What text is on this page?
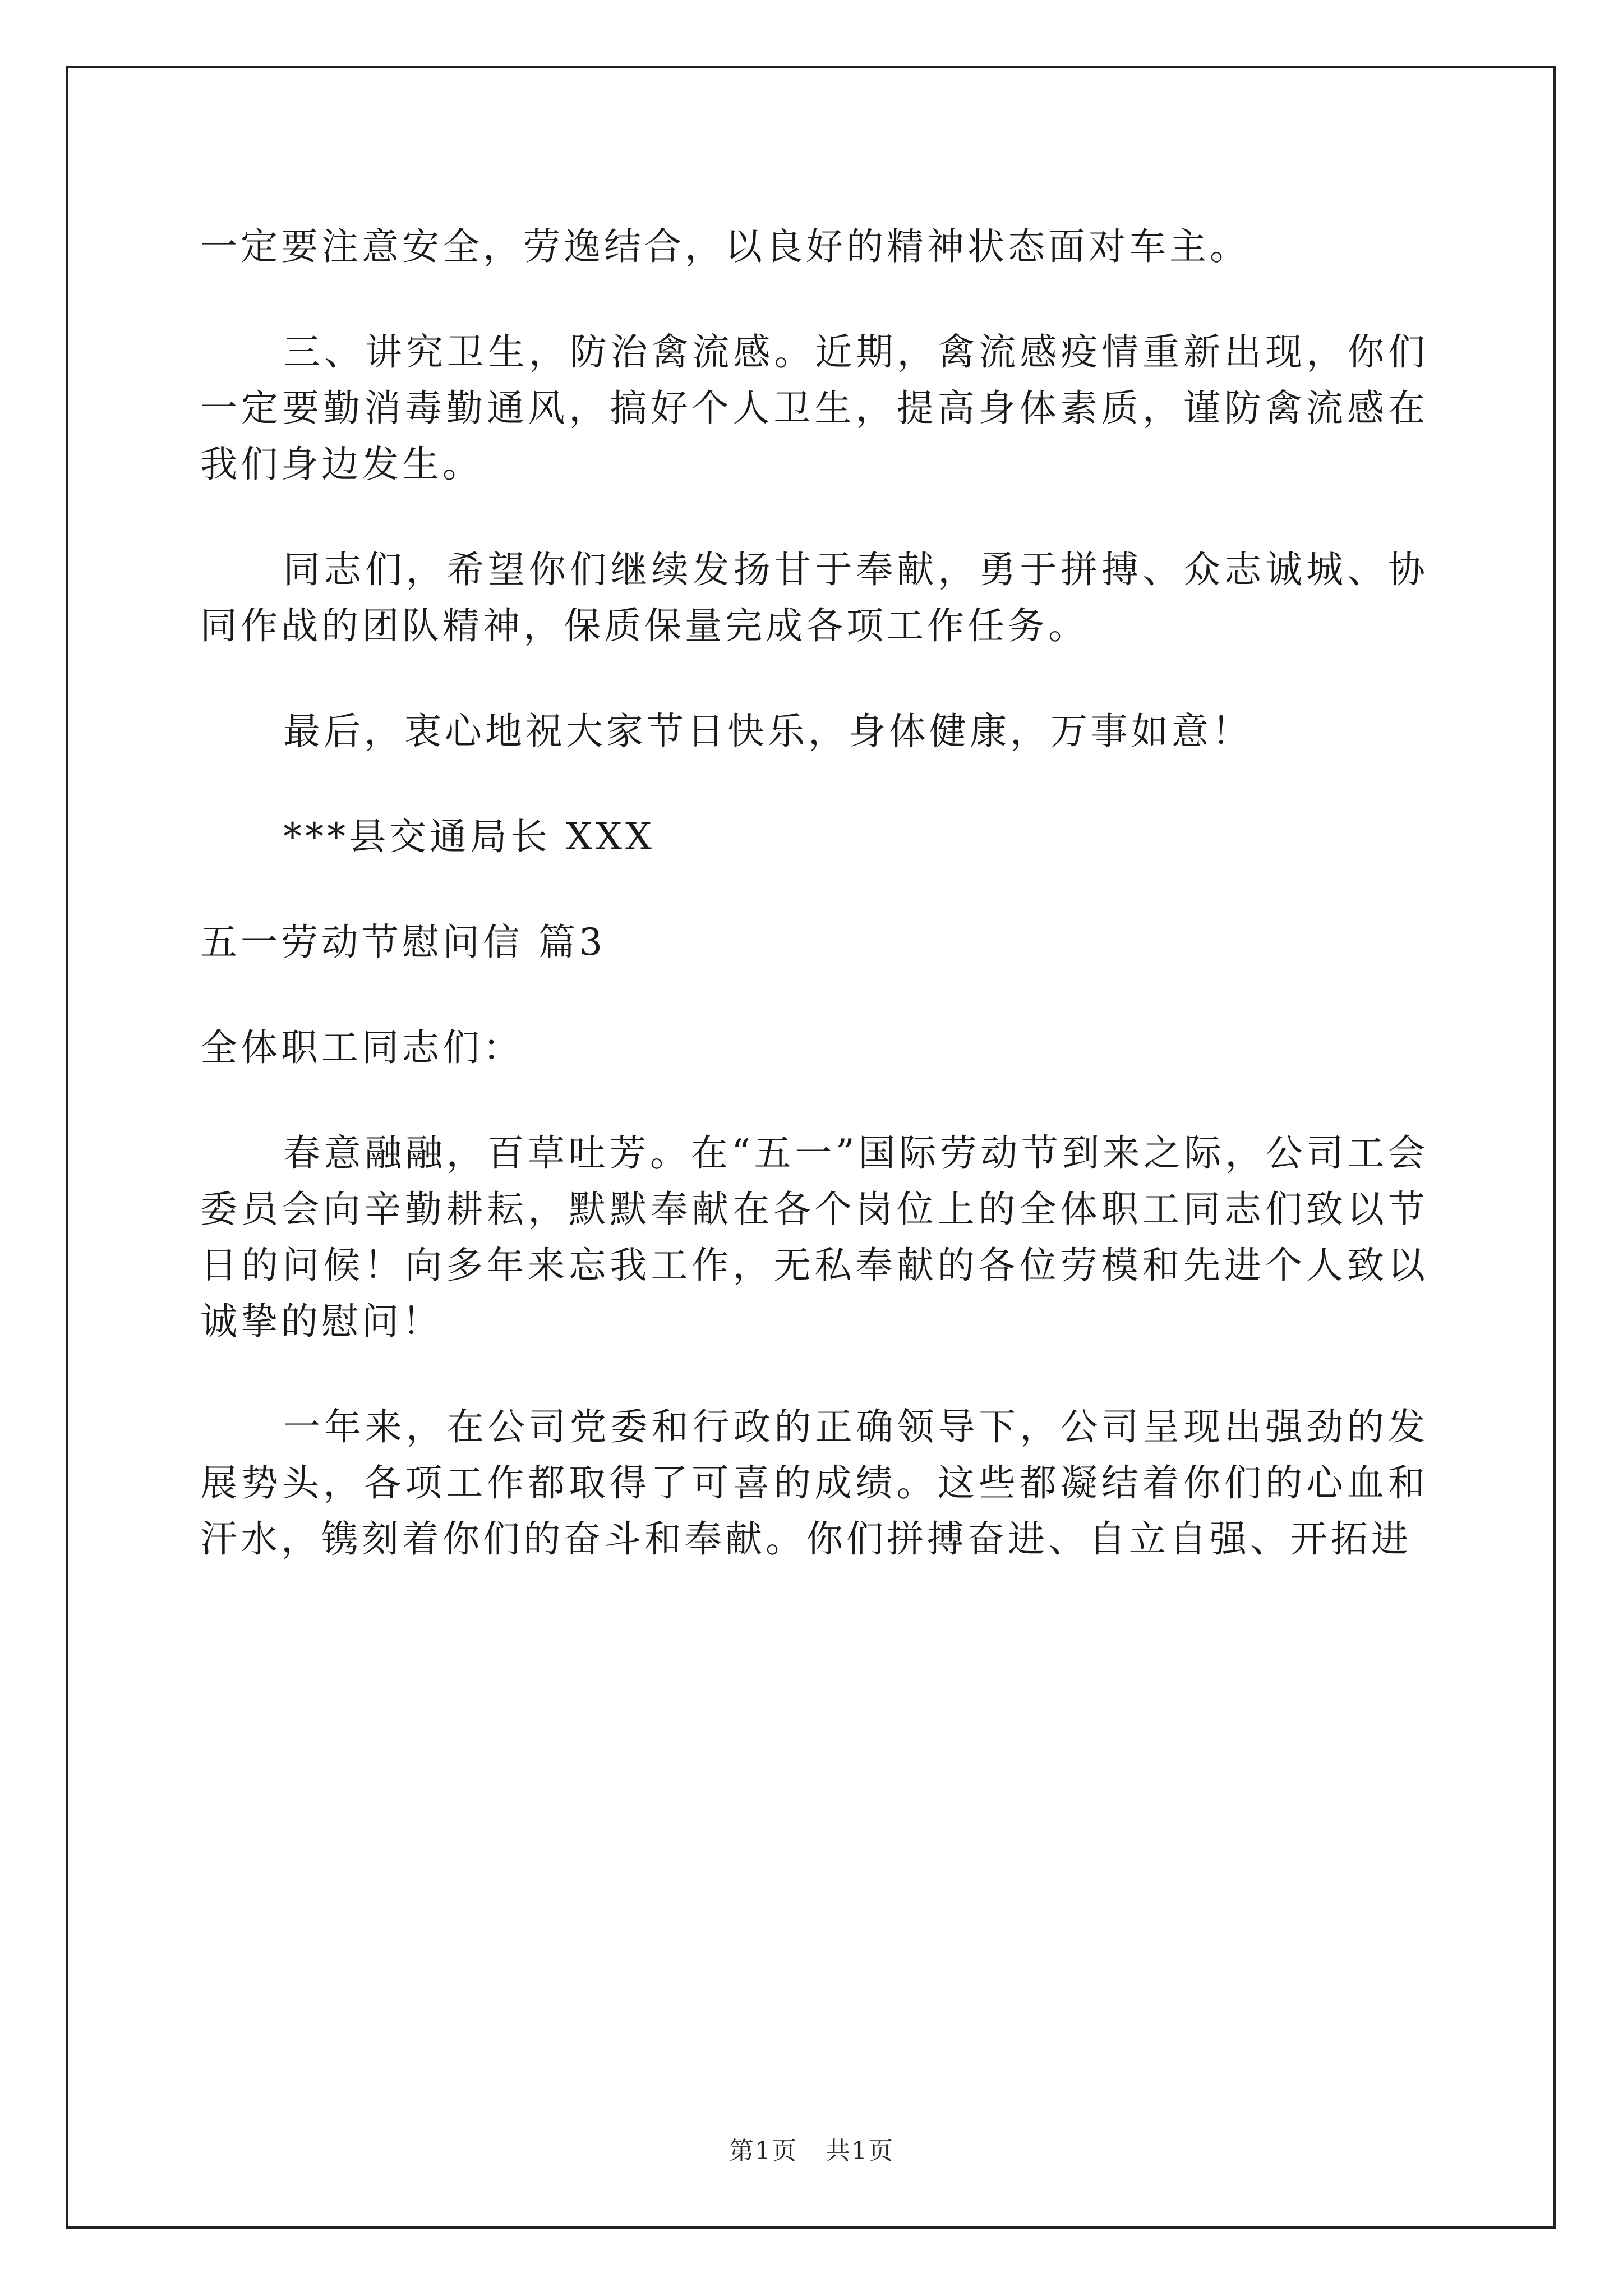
一定要注意安全，劳逸结合，以良好的精神状态面对车主。

三、讲究卫生，防治禽流感。近期，禽流感疫情重新出现，你们一定要勤消毒勤通风，搞好个人卫生，提高身体素质，谨防禽流感在我们身边发生。

同志们，希望你们继续发扬甘于奉献，勇于拼搏、众志诚城、协同作战的团队精神，保质保量完成各项工作任务。

最后，衷心地祝大家节日快乐，身体健康，万事如意！

***县交通局长 XXX

五一劳动节慰问信 篇3

全体职工同志们：

春意融融，百草吐芳。在“五一”国际劳动节到来之际，公司工会委员会向辛勤耕耘，默默奉献在各个岗位上的全体职工同志们致以节日的问候！向多年来忘我工作，无私奉献的各位劳模和先进个人致以诚挚的慰问！

一年来，在公司党委和行政的正确领导下，公司呈现出强劲的发展势头，各项工作都取得了可喜的成绩。这些都凝结着你们的心血和汗水，镌刻着你们的奋斗和奉献。你们拼搏奋进、自立自强、开拓进

第1页 共1页
